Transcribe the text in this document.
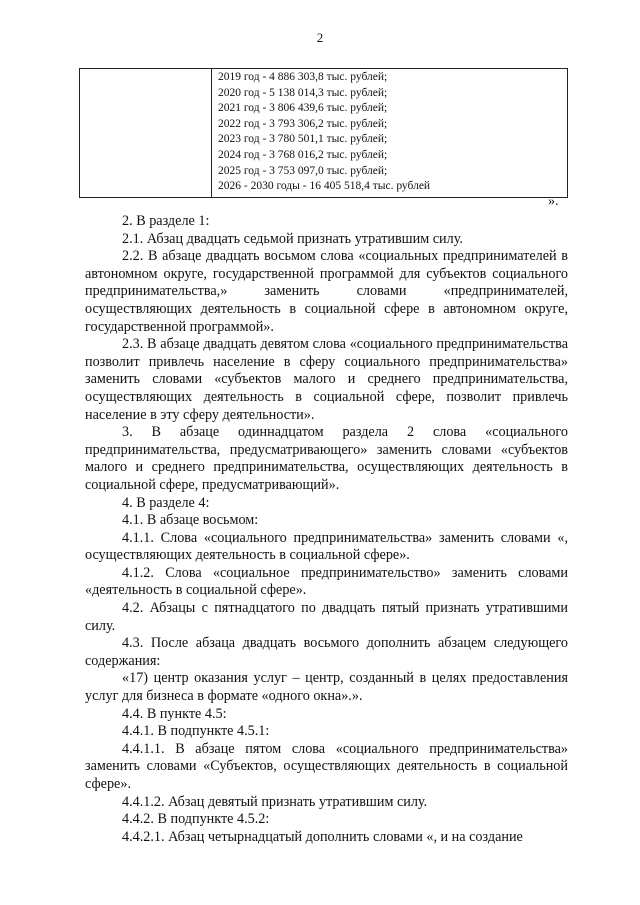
2

2019 год - 4 886 303,8 тыс. рублей;
2020 год - 5 138 014,3 тыс. рублей;
2021 год - 3 806 439,6 тыс. рублей;
2022 год - 3 793 306,2 тыс. рублей;
2023 год - 3 780 501,1 тыс. рублей;
2024 год - 3 768 016,2 тыс. рублей;
2025 год - 3 753 097,0 тыс. рублей;
2026 - 2030 годы - 16 405 518,4 тыс. рублей
».

2. В разделе 1:

2.1. Абзац двадцать седьмой признать утратившим силу.

2.2. В абзаце двадцать восьмом слова «социальных предпринимателей в автономном округе, государственной программой для субъектов социального предпринимательства,» заменить словами «предпринимателей, осуществляющих деятельность в социальной сфере в автономном округе, государственной программой».

2.3. В абзаце двадцать девятом слова «социального предпринимательства позволит привлечь население в сферу социального предпринимательства» заменить словами «субъектов малого и среднего предпринимательства, осуществляющих деятельность в социальной сфере, позволит привлечь население в эту сферу деятельности».

3. В абзаце одиннадцатом раздела 2 слова «социального предпринимательства, предусматривающего» заменить словами «субъектов малого и среднего предпринимательства, осуществляющих деятельность в социальной сфере, предусматривающий».

4. В разделе 4:

4.1. В абзаце восьмом:

4.1.1. Слова «социального предпринимательства» заменить словами «, осуществляющих деятельность в социальной сфере».

4.1.2. Слова «социальное предпринимательство» заменить словами «деятельность в социальной сфере».

4.2. Абзацы с пятнадцатого по двадцать пятый признать утратившими силу.

4.3. После абзаца двадцать восьмого дополнить абзацем следующего содержания:

«17) центр оказания услуг – центр, созданный в целях предоставления услуг для бизнеса в формате «одного окна».».

4.4. В пункте 4.5:

4.4.1. В подпункте 4.5.1:

4.4.1.1. В абзаце пятом слова «социального предпринимательства» заменить словами «Субъектов, осуществляющих деятельность в социальной сфере».

4.4.1.2. Абзац девятый признать утратившим силу.

4.4.2. В подпункте 4.5.2:

4.4.2.1. Абзац четырнадцатый дополнить словами «, и на создание
